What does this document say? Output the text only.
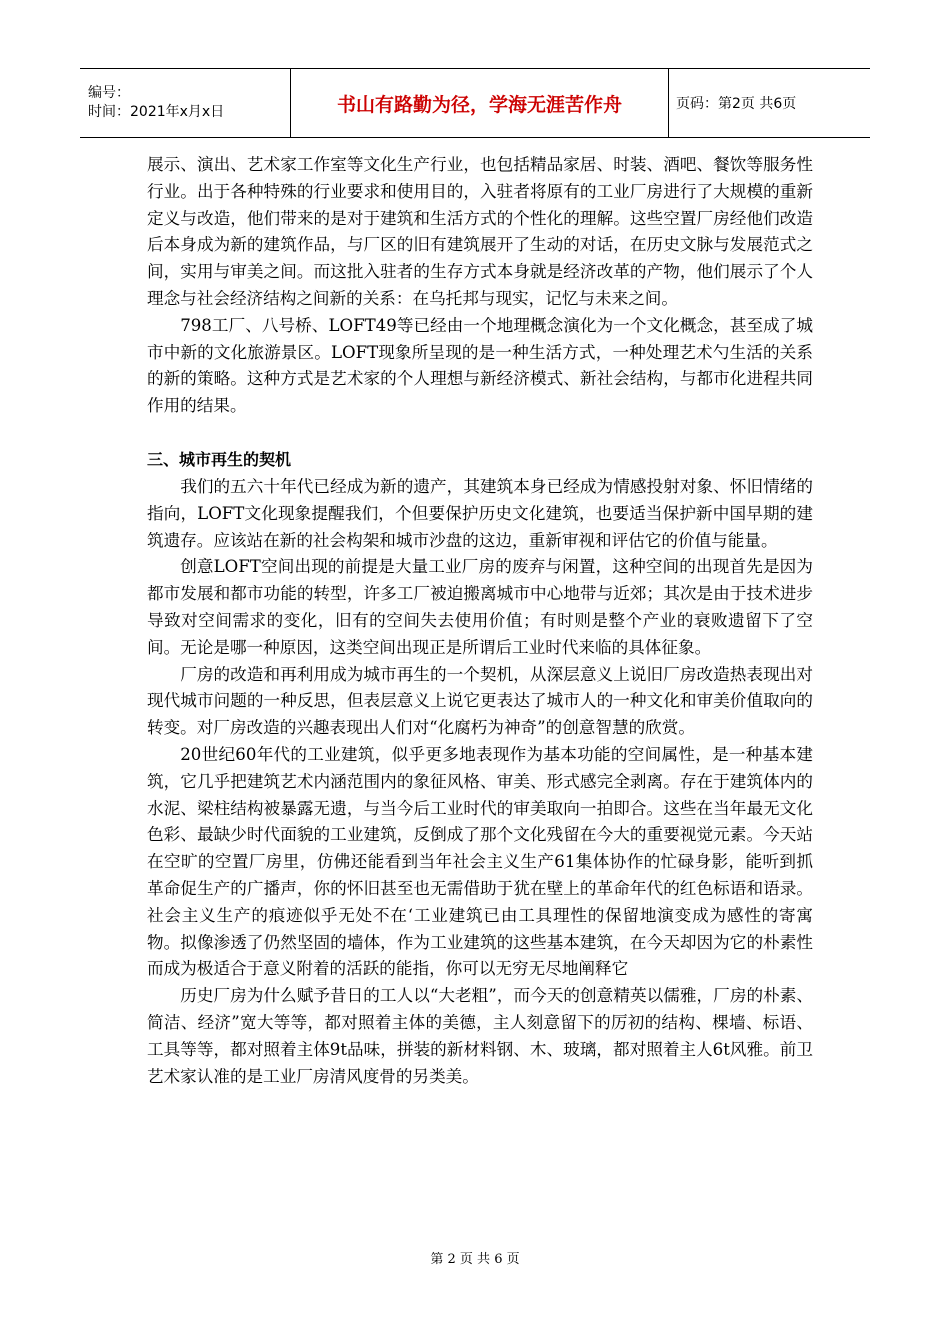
编号：
时间：2021年x月x日	书山有路勤为径，学海无涯苦作舟	页码：第2页 共6页

展示、演出、艺术家工作室等文化生产行业，也包括精品家居、时装、酒吧、餐饮等服务性行业。出于各种特殊的行业要求和使用目的，入驻者将原有的工业厂房进行了大规模的重新定义与改造，他们带来的是对于建筑和生活方式的个性化的理解。这些空置厂房经他们改造后本身成为新的建筑作品，与厂区的旧有建筑展开了生动的对话，在历史文脉与发展范式之间，实用与审美之间。而这批入驻者的生存方式本身就是经济改革的产物，他们展示了个人理念与社会经济结构之间新的关系：在乌托邦与现实，记忆与未来之间。

798工厂、八号桥、LOFT49等已经由一个地理概念演化为一个文化概念，甚至成了城市中新的文化旅游景区。LOFT现象所呈现的是一种生活方式，一种处理艺术勺生活的关系的新的策略。这种方式是艺术家的个人理想与新经济模式、新社会结构，与都市化进程共同作用的结果。

三、城市再生的契机

我们的五六十年代已经成为新的遗产，其建筑本身已经成为情感投射对象、怀旧情绪的指向，LOFT文化现象提醒我们，个但要保护历史文化建筑，也要适当保护新中国早期的建筑遗存。应该站在新的社会构架和城市沙盘的这边，重新审视和评估它的价值与能量。

创意LOFT空间出现的前提是大量工业厂房的废弃与闲置，这种空间的出现首先是因为都市发展和都市功能的转型，许多工厂被迫搬离城市中心地带与近郊；其次是由于技术进步导致对空间需求的变化，旧有的空间失去使用价值；有时则是整个产业的衰败遗留下了空间。无论是哪一种原因，这类空间出现正是所谓后工业时代来临的具体征象。

厂房的改造和再利用成为城市再生的一个契机，从深层意义上说旧厂房改造热表现出对现代城市问题的一种反思，但表层意义上说它更表达了城市人的一种文化和审美价值取向的转变。对厂房改造的兴趣表现出人们对“化腐朽为神奇”的创意智慧的欣赏。

20世纪60年代的工业建筑，似乎更多地表现作为基本功能的空间属性，是一种基本建筑，它几乎把建筑艺术内涵范围内的象征风格、审美、形式感完全剥离。存在于建筑体内的水泥、梁柱结构被暴露无遗，与当今后工业时代的审美取向一拍即合。这些在当年最无文化色彩、最缺少时代面貌的工业建筑，反倒成了那个文化残留在今大的重要视觉元素。今天站在空旷的空置厂房里，仿佛还能看到当年社会主义生产61集体协作的忙碌身影，能听到抓革命促生产的广播声，你的怀旧甚至也无需借助于犹在壁上的革命年代的红色标语和语录。社会主义生产的痕迹似乎无处不在‘工业建筑已由工具理性的保留地演变成为感性的寄寓物。拟像渗透了仍然坚固的墙体，作为工业建筑的这些基本建筑，在今天却因为它的朴素性而成为极适合于意义附着的活跃的能指，你可以无穷无尽地阐释它

历史厂房为什么赋予昔日的工人以“大老粗”，而今天的创意精英以儒雅，厂房的朴素、简洁、经济”宽大等等，都对照着主体的美德，主人刻意留下的厉初的结构、棵墙、标语、工具等等，都对照着主体9t品味，拼装的新材料钢、木、玻璃，都对照着主人6t风雅。前卫艺术家认准的是工业厂房清风度骨的另类美。

第 2 页 共 6 页
